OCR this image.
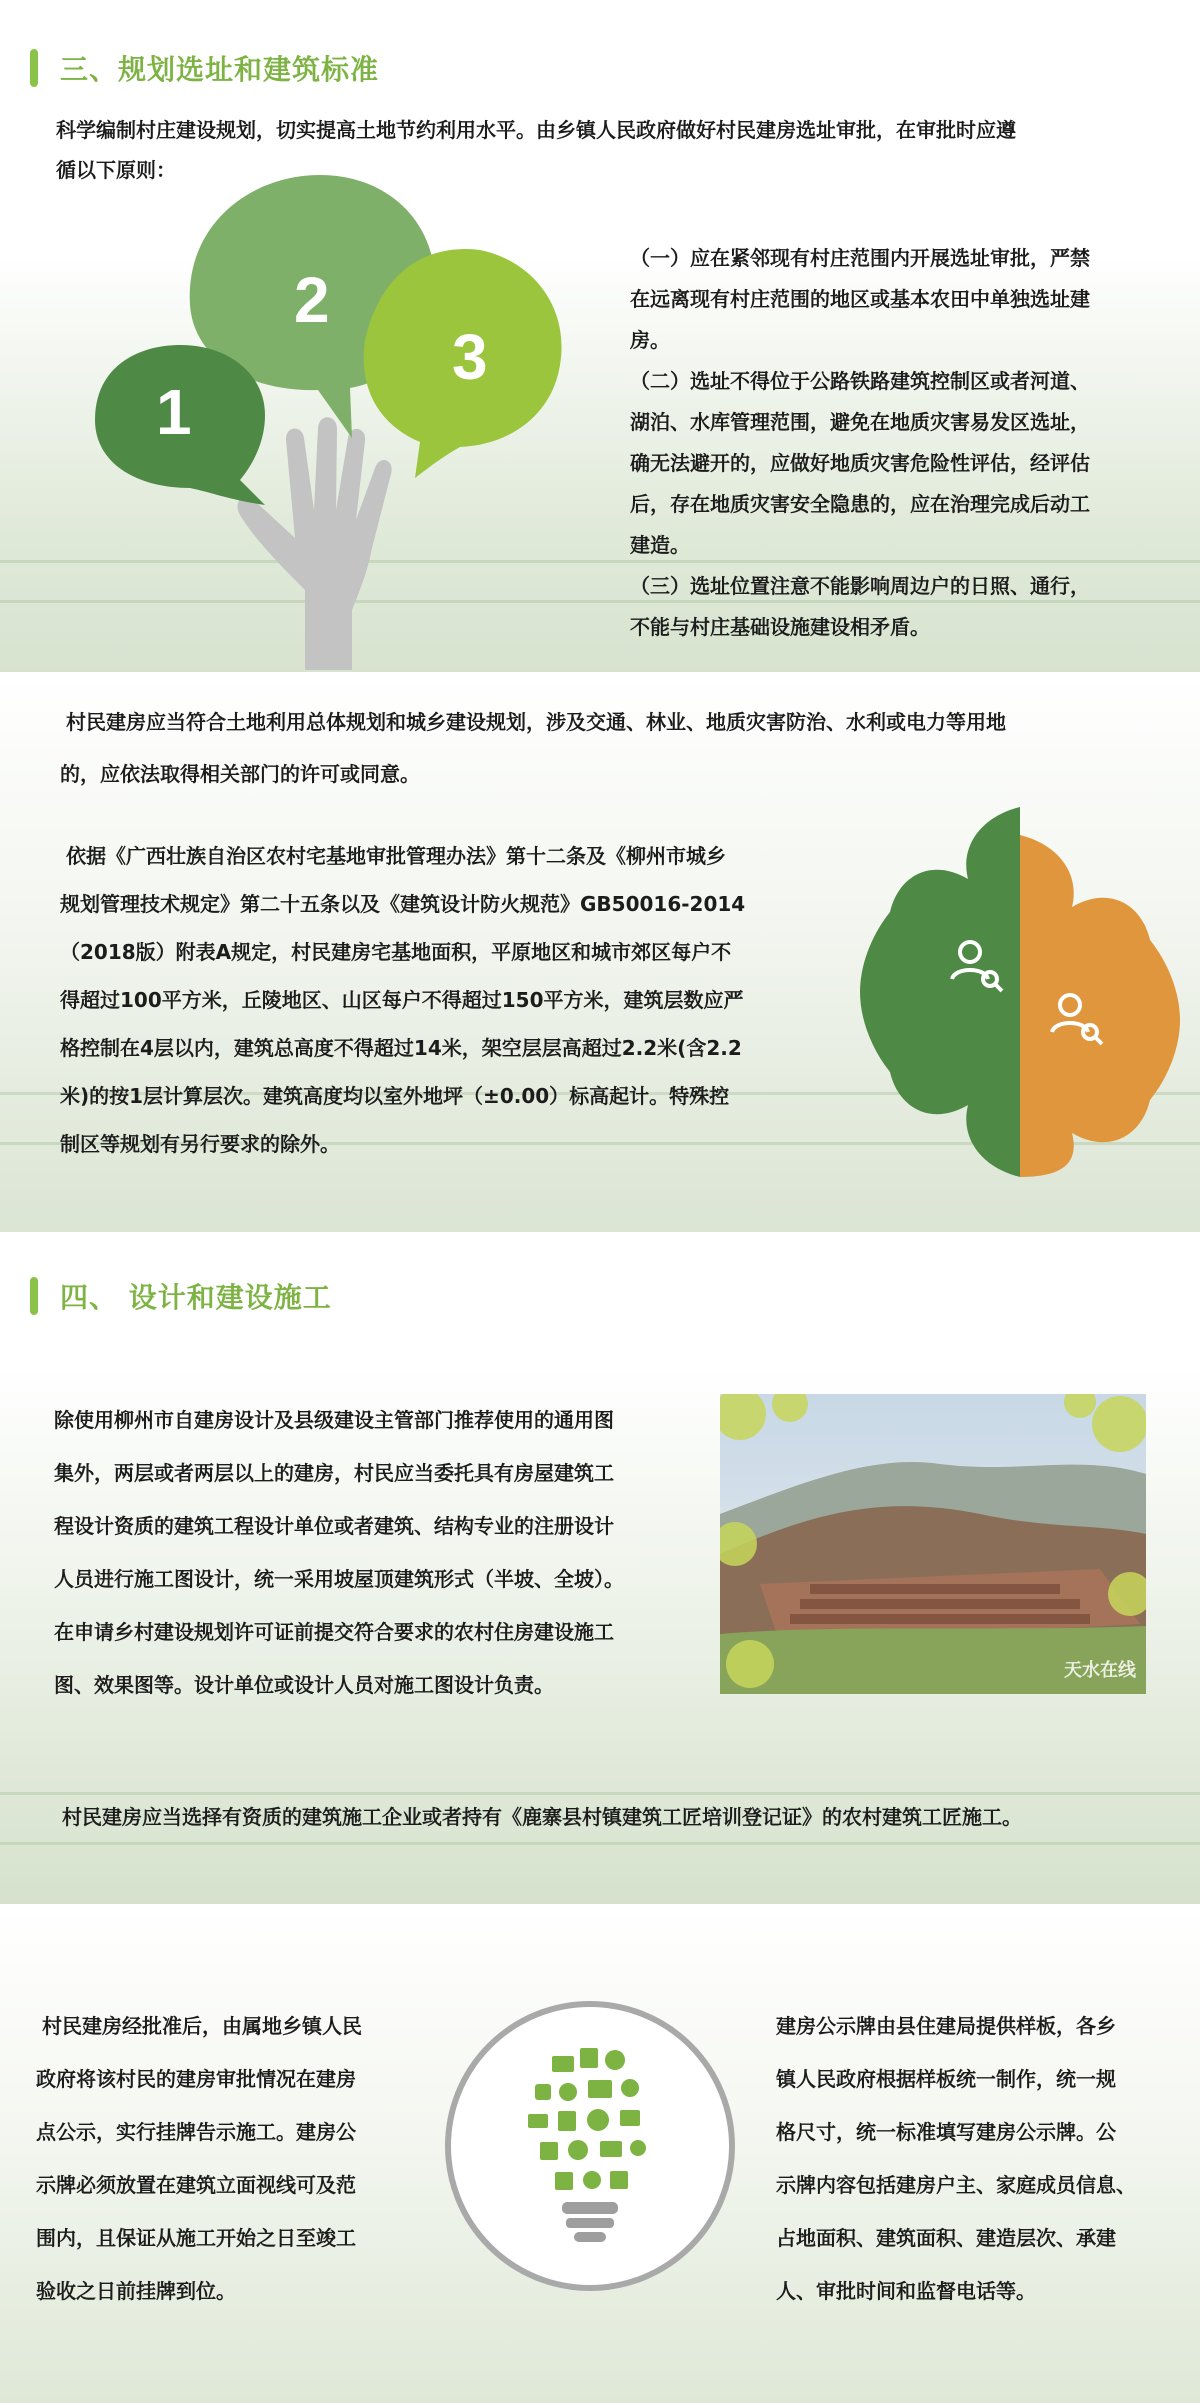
三、规划选址和建筑标准

科学编制村庄建设规划，切实提高土地节约利用水平。由乡镇人民政府做好村民建房选址审批，在审批时应遵
循以下原则：

1
2
3
（一）应在紧邻现有村庄范围内开展选址审批，严禁
在远离现有村庄范围的地区或基本农田中单独选址建
房。
（二）选址不得位于公路铁路建筑控制区或者河道、
湖泊、水库管理范围，避免在地质灾害易发区选址，
确无法避开的，应做好地质灾害危险性评估，经评估
后，存在地质灾害安全隐患的，应在治理完成后动工
建造。
（三）选址位置注意不能影响周边户的日照、通行，
不能与村庄基础设施建设相矛盾。
村民建房应当符合土地利用总体规划和城乡建设规划，涉及交通、林业、地质灾害防治、水利或电力等用地
的，应依法取得相关部门的许可或同意。
依据《广西壮族自治区农村宅基地审批管理办法》第十二条及《柳州市城乡
规划管理技术规定》第二十五条以及《建筑设计防火规范》GB50016-2014
（2018版）附表A规定，村民建房宅基地面积，平原地区和城市郊区每户不
得超过100平方米，丘陵地区、山区每户不得超过150平方米，建筑层数应严
格控制在4层以内，建筑总高度不得超过14米，架空层层高超过2.2米(含2.2
米)的按1层计算层次。建筑高度均以室外地坪（±0.00）标高起计。特殊控
制区等规划有另行要求的除外。
四、 设计和建设施工
除使用柳州市自建房设计及县级建设主管部门推荐使用的通用图
集外，两层或者两层以上的建房，村民应当委托具有房屋建筑工
程设计资质的建筑工程设计单位或者建筑、结构专业的注册设计
人员进行施工图设计，统一采用坡屋顶建筑形式（半坡、全坡）。
在申请乡村建设规划许可证前提交符合要求的农村住房建设施工
图、效果图等。设计单位或设计人员对施工图设计负责。
天水在线
村民建房应当选择有资质的建筑施工企业或者持有《鹿寨县村镇建筑工匠培训登记证》的农村建筑工匠施工。
村民建房经批准后，由属地乡镇人民
政府将该村民的建房审批情况在建房
点公示，实行挂牌告示施工。建房公
示牌必须放置在建筑立面视线可及范
围内，且保证从施工开始之日至竣工
验收之日前挂牌到位。
建房公示牌由县住建局提供样板，各乡
镇人民政府根据样板统一制作，统一规
格尺寸，统一标准填写建房公示牌。公
示牌内容包括建房户主、家庭成员信息、
占地面积、建筑面积、建造层次、承建
人、审批时间和监督电话等。
